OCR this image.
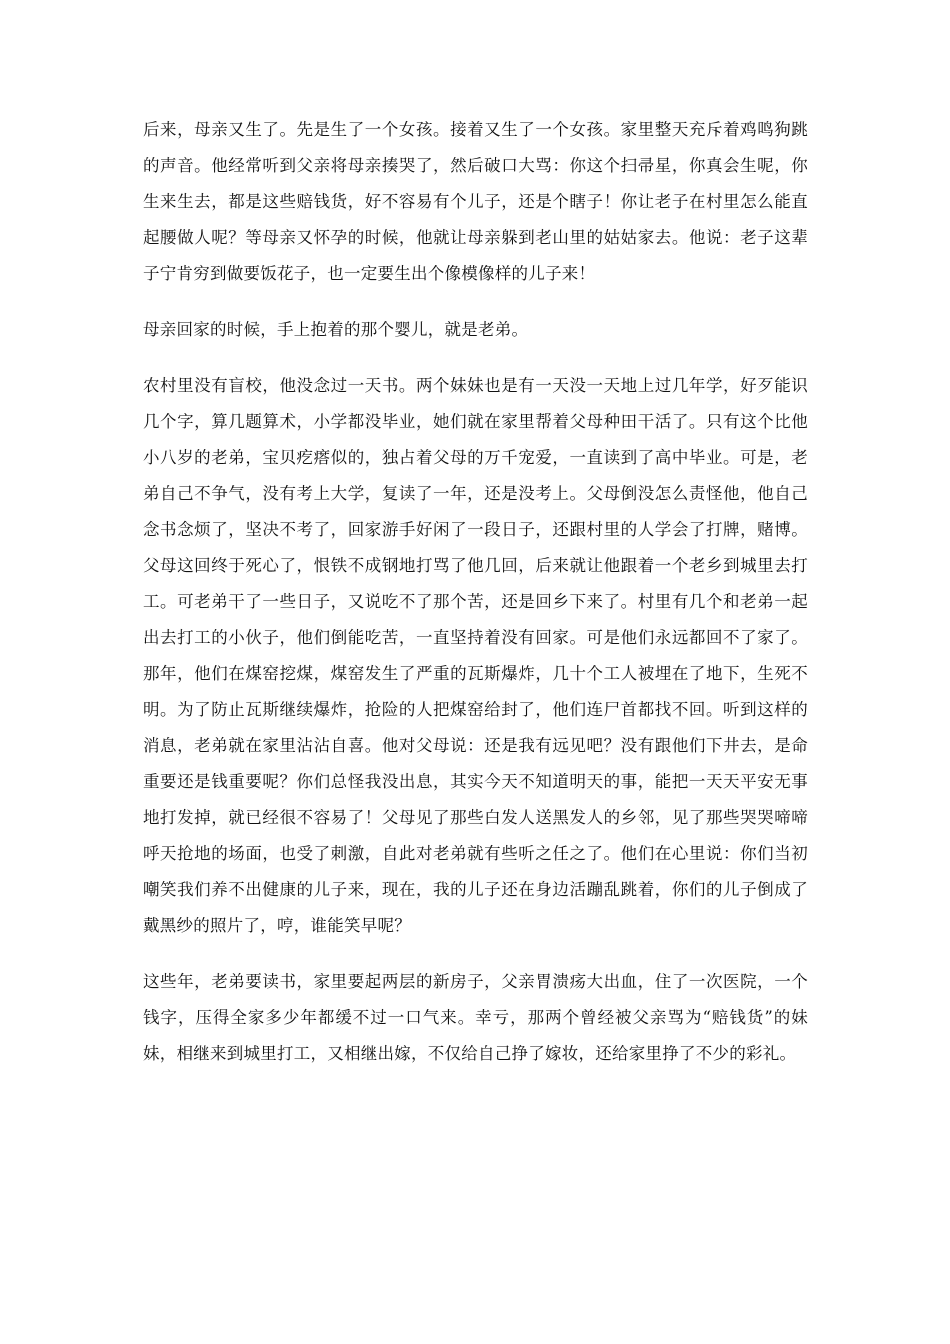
后来，母亲又生了。先是生了一个女孩。接着又生了一个女孩。家里整天充斥着鸡鸣狗跳的声音。他经常听到父亲将母亲揍哭了，然后破口大骂：你这个扫帚星，你真会生呢，你生来生去，都是这些赔钱货，好不容易有个儿子，还是个瞎子！你让老子在村里怎么能直起腰做人呢？等母亲又怀孕的时候，他就让母亲躲到老山里的姑姑家去。他说：老子这辈子宁肯穷到做要饭花子，也一定要生出个像模像样的儿子来！

母亲回家的时候，手上抱着的那个婴儿，就是老弟。

农村里没有盲校，他没念过一天书。两个妹妹也是有一天没一天地上过几年学，好歹能识几个字，算几题算术，小学都没毕业，她们就在家里帮着父母种田干活了。只有这个比他小八岁的老弟，宝贝疙瘩似的，独占着父母的万千宠爱，一直读到了高中毕业。可是，老弟自己不争气，没有考上大学，复读了一年，还是没考上。父母倒没怎么责怪他，他自己念书念烦了，坚决不考了，回家游手好闲了一段日子，还跟村里的人学会了打牌，赌博。父母这回终于死心了，恨铁不成钢地打骂了他几回，后来就让他跟着一个老乡到城里去打工。可老弟干了一些日子，又说吃不了那个苦，还是回乡下来了。村里有几个和老弟一起出去打工的小伙子，他们倒能吃苦，一直坚持着没有回家。可是他们永远都回不了家了。那年，他们在煤窑挖煤，煤窑发生了严重的瓦斯爆炸，几十个工人被埋在了地下，生死不明。为了防止瓦斯继续爆炸，抢险的人把煤窑给封了，他们连尸首都找不回。听到这样的消息，老弟就在家里沾沾自喜。他对父母说：还是我有远见吧？没有跟他们下井去，是命重要还是钱重要呢？你们总怪我没出息，其实今天不知道明天的事，能把一天天平安无事地打发掉，就已经很不容易了！父母见了那些白发人送黑发人的乡邻，见了那些哭哭啼啼呼天抢地的场面，也受了刺激，自此对老弟就有些听之任之了。他们在心里说：你们当初嘲笑我们养不出健康的儿子来，现在，我的儿子还在身边活蹦乱跳着，你们的儿子倒成了戴黑纱的照片了，哼，谁能笑早呢？

这些年，老弟要读书，家里要起两层的新房子，父亲胃溃疡大出血，住了一次医院，一个钱字，压得全家多少年都缓不过一口气来。幸亏，那两个曾经被父亲骂为“赔钱货”的妹妹，相继来到城里打工，又相继出嫁，不仅给自己挣了嫁妆，还给家里挣了不少的彩礼。
